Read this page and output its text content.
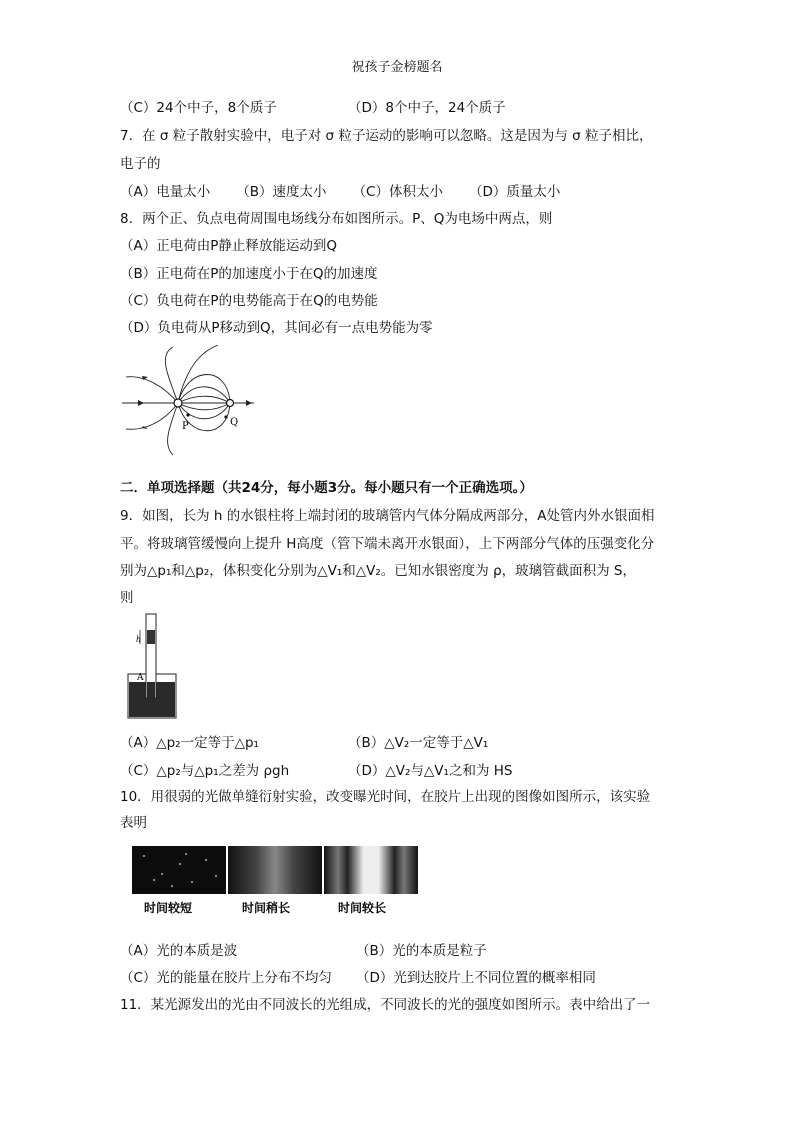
祝孩子金榜题名
（C）24个中子，8个质子	（D）8个中子，24个质子
7．在 σ 粒子散射实验中，电子对 σ 粒子运动的影响可以忽略。这是因为与 σ 粒子相比，
电子的
（A）电量太小 （B）速度太小 （C）体积太小 （D）质量太小
8．两个正、负点电荷周围电场线分布如图所示。P、Q为电场中两点，则
（A）正电荷由P静止释放能运动到Q
（B）正电荷在P的加速度小于在Q的加速度
（C）负电荷在P的电势能高于在Q的电势能
（D）负电荷从P移动到Q，其间必有一点电势能为零
P	Q
二．单项选择题（共24分，每小题3分。每小题只有一个正确选项。）
9．如图，长为 h 的水银柱将上端封闭的玻璃管内气体分隔成两部分，A处管内外水银面相
平。将玻璃管缓慢向上提升 H高度（管下端未离开水银面），上下两部分气体的压强变化分
别为△p₁和△p₂，体积变化分别为△V₁和△V₂。已知水银密度为 ρ，玻璃管截面积为 S，
则
h
A
（A）△p₂一定等于△p₁	（B）△V₂一定等于△V₁
（C）△p₂与△p₁之差为 ρgh	（D）△V₂与△V₁之和为 HS
10．用很弱的光做单缝衍射实验，改变曝光时间，在胶片上出现的图像如图所示，该实验
表明
时间较短	时间稍长	时间较长
（A）光的本质是波	（B）光的本质是粒子
（C）光的能量在胶片上分布不均匀 （D）光到达胶片上不同位置的概率相同
11．某光源发出的光由不同波长的光组成，不同波长的光的强度如图所示。表中给出了一
